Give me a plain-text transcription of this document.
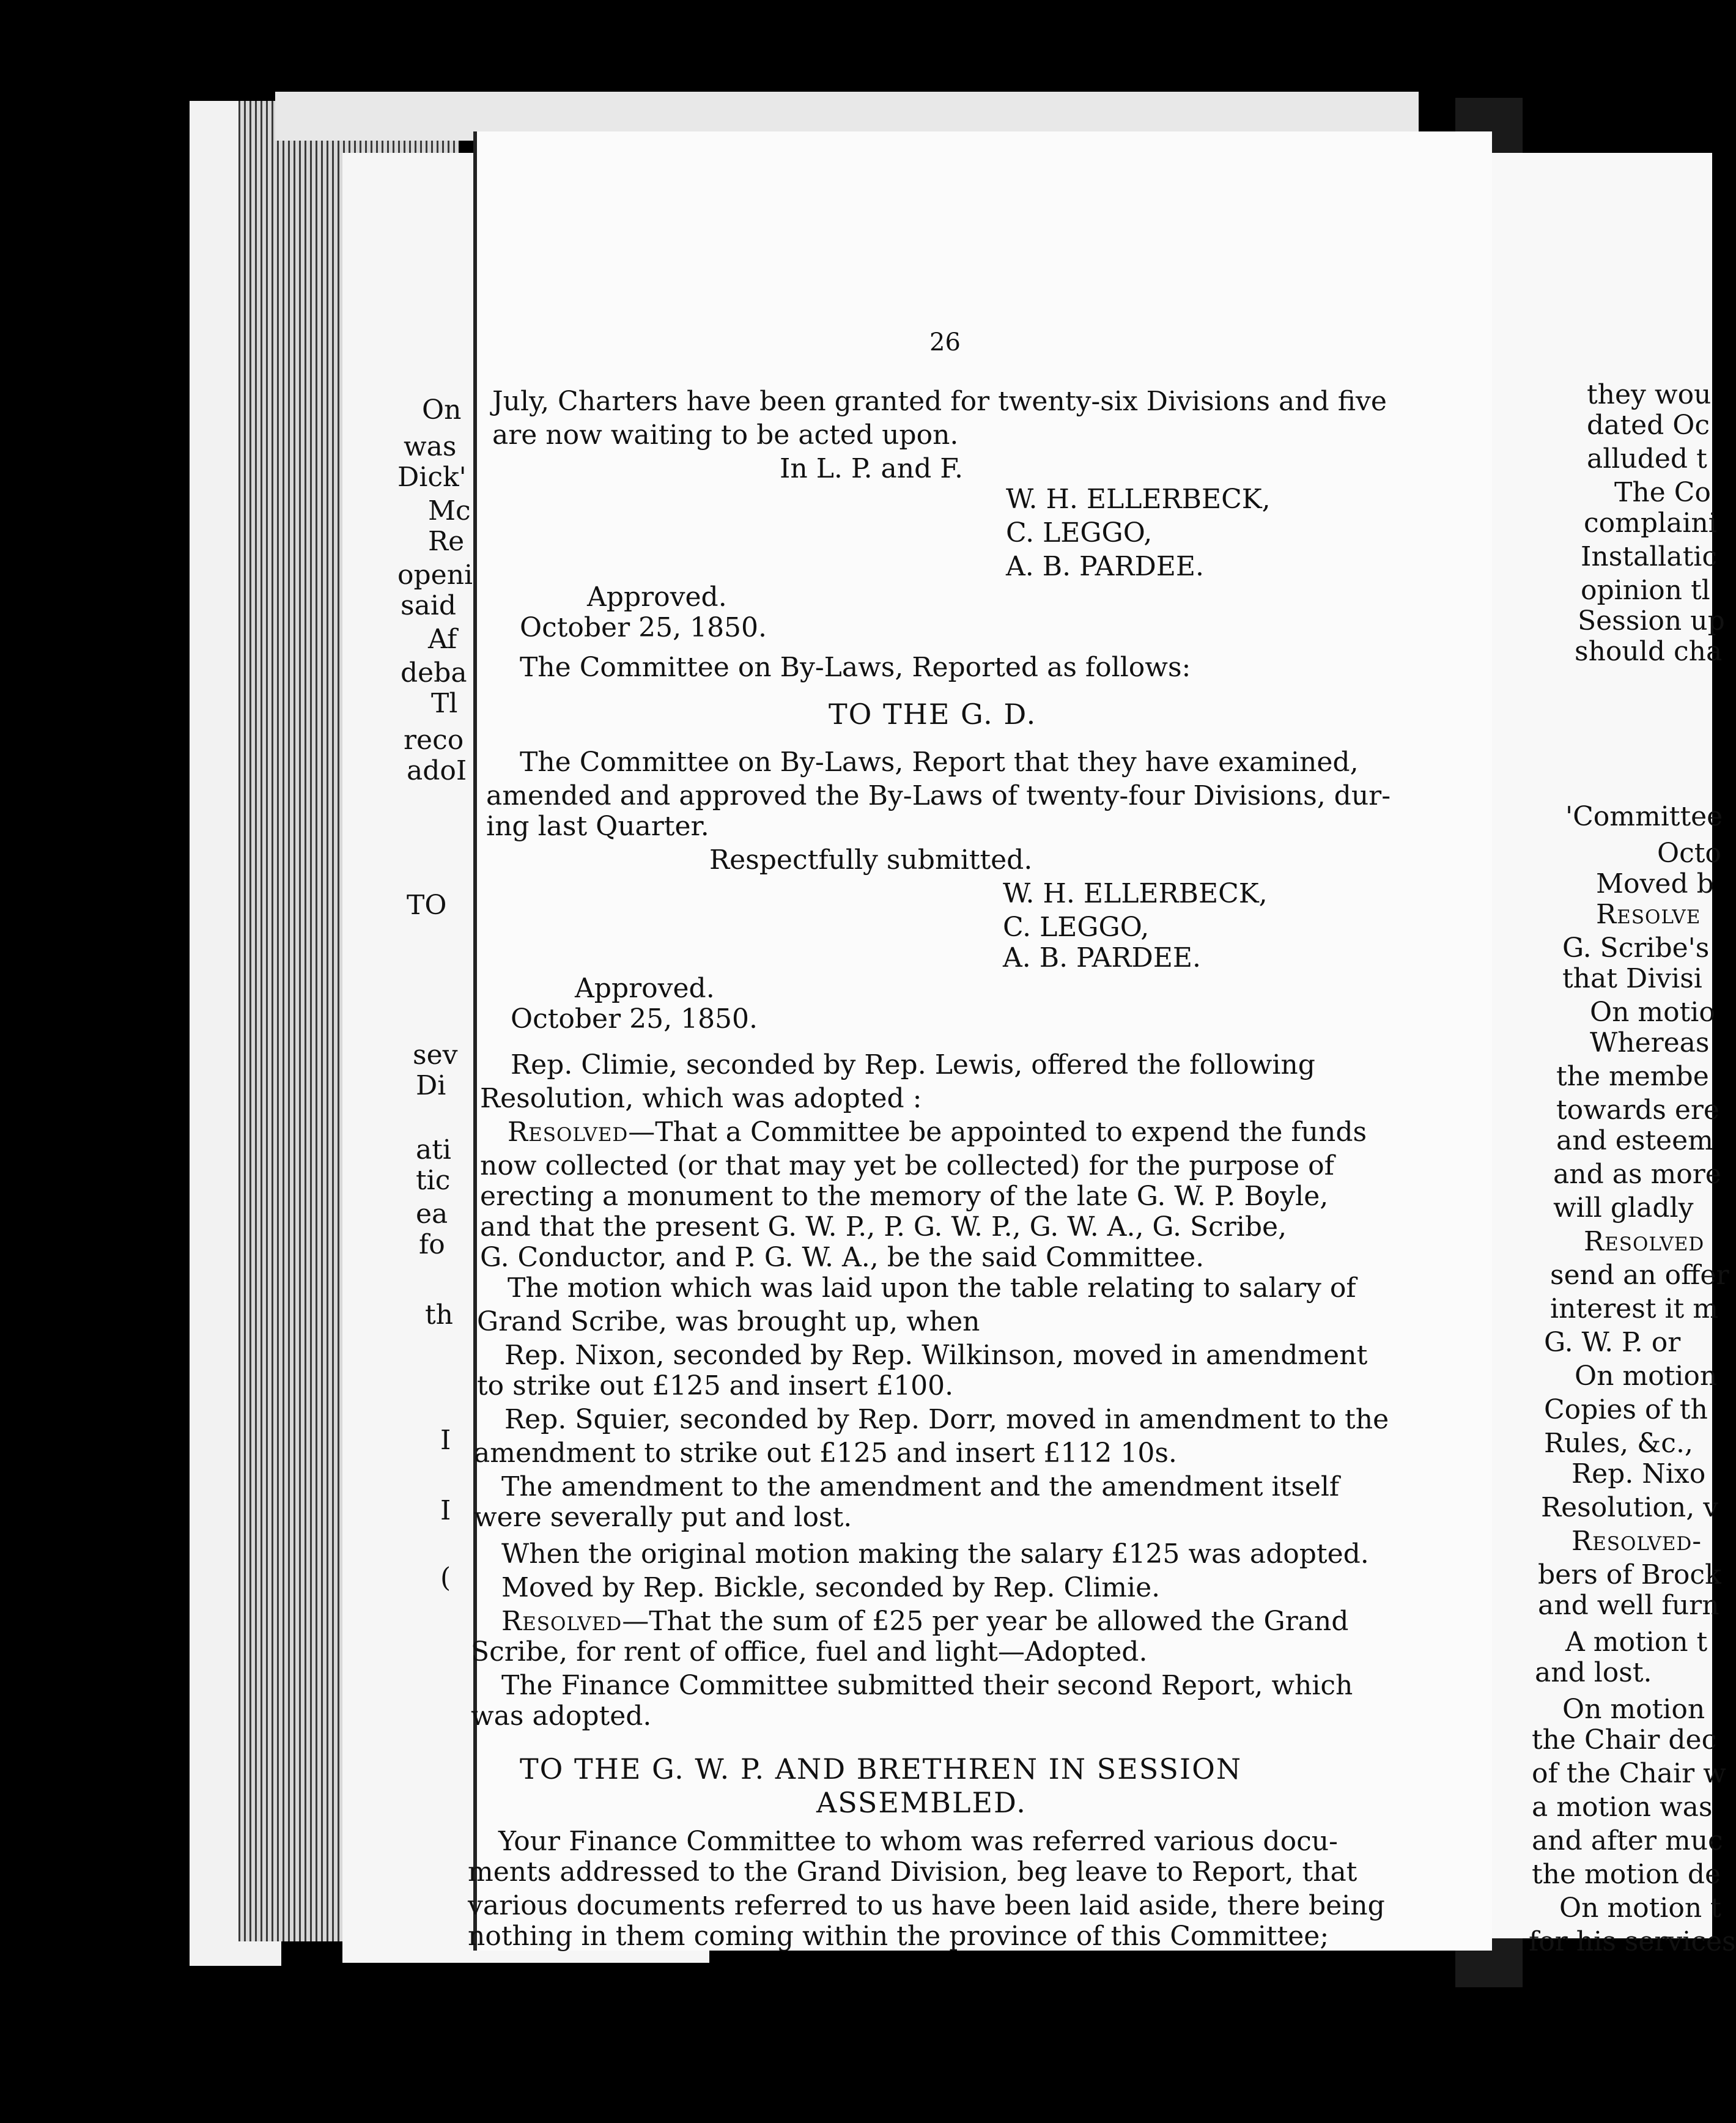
On
was
Dick'
Mc
Re
openi
said
Af
deba
Tl
reco
adoI
TO
sev
Di
ati
tic
ea
fo
th
I
I
(
26
July, Charters have been granted for twenty-six Divisions and five
are now waiting to be acted upon.
In L. P. and F.
W. H. ELLERBECK,
C. LEGGO,
A. B. PARDEE.
Approved.
October 25, 1850.
The Committee on By-Laws, Reported as follows:
TO THE G. D.
The Committee on By-Laws, Report that they have examined,
amended and approved the By-Laws of twenty-four Divisions, dur-
ing last Quarter.
Respectfully submitted.
W. H. ELLERBECK,
C. LEGGO,
A. B. PARDEE.
Approved.
October 25, 1850.
Rep. Climie, seconded by Rep. Lewis, offered the following
Resolution, which was adopted :
Resolved—That a Committee be appointed to expend the funds
now collected (or that may yet be collected) for the purpose of
erecting a monument to the memory of the late G. W. P. Boyle,
and that the present G. W. P., P. G. W. P., G. W. A., G. Scribe,
G. Conductor, and P. G. W. A., be the said Committee.
The motion which was laid upon the table relating to salary of
Grand Scribe, was brought up, when
Rep. Nixon, seconded by Rep. Wilkinson, moved in amendment
to strike out £125 and insert £100.
Rep. Squier, seconded by Rep. Dorr, moved in amendment to the
amendment to strike out £125 and insert £112 10s.
The amendment to the amendment and the amendment itself
were severally put and lost.
When the original motion making the salary £125 was adopted.
Moved by Rep. Bickle, seconded by Rep. Climie.
Resolved—That the sum of £25 per year be allowed the Grand
Scribe, for rent of office, fuel and light—Adopted.
The Finance Committee submitted their second Report, which
was adopted.
TO THE G. W. P. AND BRETHREN IN SESSION
ASSEMBLED.
Your Finance Committee to whom was referred various docu-
ments addressed to the Grand Division, beg leave to Report, that
various documents referred to us have been laid aside, there being
nothing in them coming within the province of this Committee;
they wou
dated Oc
alluded t
The Co
complaini
Installatic
opinion tl
Session up
should cha
'Committee
Octo
Moved b
Resolve
G. Scribe's
that Divisi
On motio
Whereas
the membe
towards ere
and esteem
and as more
will gladly
Resolved
send an offer
interest it m
G. W. P. or
On motion
Copies of th
Rules, &c.,
Rep. Nixo
Resolution, v
Resolved-
bers of Brock
and well furn
A motion t
and lost.
On motion
the Chair dec
of the Chair w
a motion was
and after muc
the motion de
On motion t
for his services
